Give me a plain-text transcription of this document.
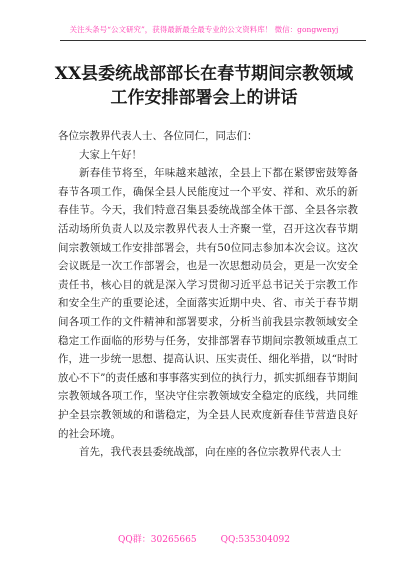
关注头条号“公文研究”，获得最新最全最专业的公文资料库！ 微信：gongwenyj
XX县委统战部部长在春节期间宗教领域
工作安排部署会上的讲话

各位宗教界代表人士、各位同仁，同志们：

大家上午好！

新春佳节将至，年味越来越浓，全县上下都在紧锣密鼓筹备春节各项工作，确保全县人民能度过一个平安、祥和、欢乐的新春佳节。今天，我们特意召集县委统战部全体干部、全县各宗教活动场所负责人以及宗教界代表人士齐聚一堂，召开这次春节期间宗教领域工作安排部署会，共有50位同志参加本次会议。这次会议既是一次工作部署会，也是一次思想动员会，更是一次安全责任书，核心目的就是深入学习贯彻习近平总书记关于宗教工作和安全生产的重要论述，全面落实近期中央、省、市关于春节期间各项工作的文件精神和部署要求，分析当前我县宗教领域安全稳定工作面临的形势与任务，安排部署春节期间宗教领域重点工作，进一步统一思想、提高认识、压实责任、细化举措，以“时时放心不下”的责任感和事事落实到位的执行力，抓实抓细春节期间宗教领域各项工作，坚决守住宗教领域安全稳定的底线，共同维护全县宗教领域的和谐稳定，为全县人民欢度新春佳节营造良好的社会环境。

首先，我代表县委统战部，向在座的各位宗教界代表人士

QQ群：30265665	QQ:535304092
